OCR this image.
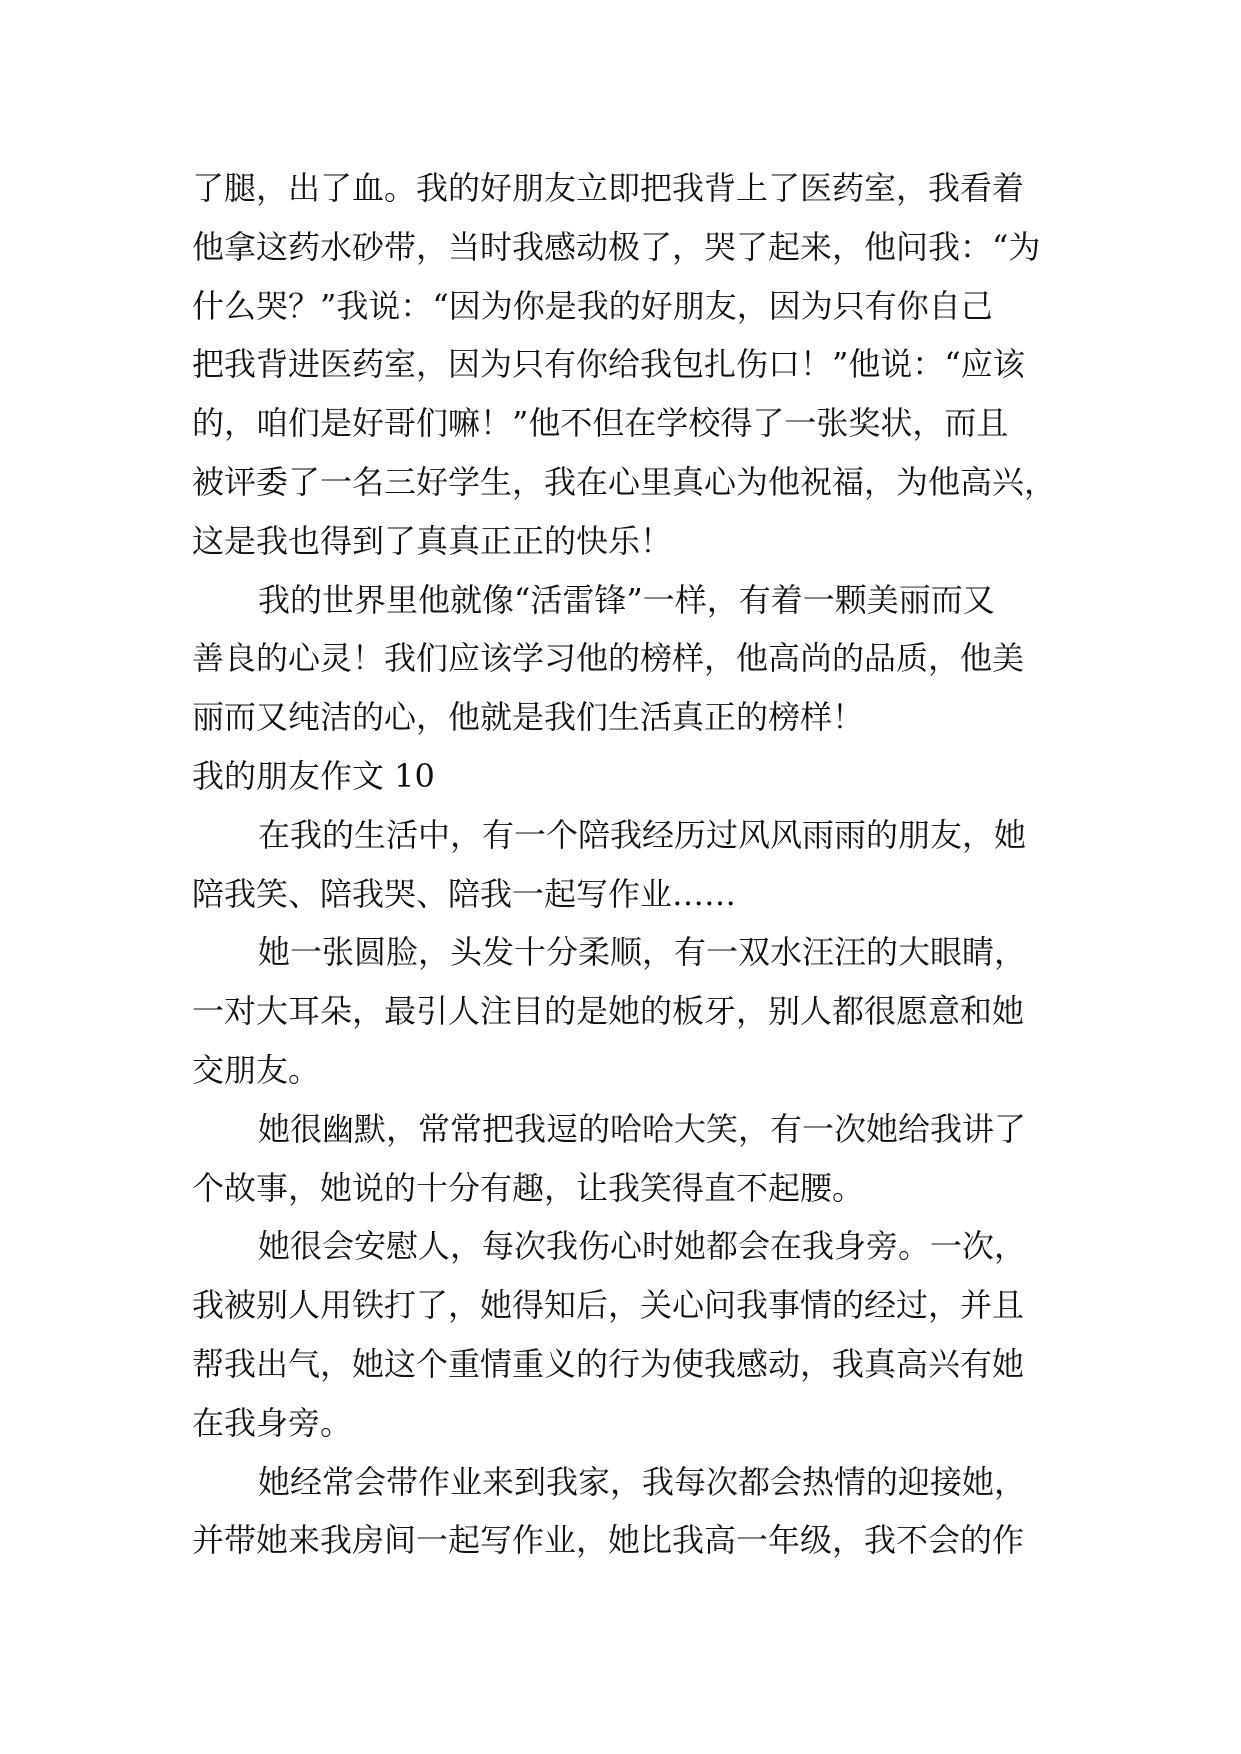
了腿，出了血。我的好朋友立即把我背上了医药室，我看着
他拿这药水砂带，当时我感动极了，哭了起来，他问我：“为
什么哭？”我说：“因为你是我的好朋友，因为只有你自己
把我背进医药室，因为只有你给我包扎伤口！”他说：“应该
的，咱们是好哥们嘛！”他不但在学校得了一张奖状，而且
被评委了一名三好学生，我在心里真心为他祝福，为他高兴，
这是我也得到了真真正正的快乐！
我的世界里他就像“活雷锋”一样，有着一颗美丽而又
善良的心灵！我们应该学习他的榜样，他高尚的品质，他美
丽而又纯洁的心，他就是我们生活真正的榜样！
我的朋友作文 10
在我的生活中，有一个陪我经历过风风雨雨的朋友，她
陪我笑、陪我哭、陪我一起写作业……
她一张圆脸，头发十分柔顺，有一双水汪汪的大眼睛，
一对大耳朵，最引人注目的是她的板牙，别人都很愿意和她
交朋友。
她很幽默，常常把我逗的哈哈大笑，有一次她给我讲了
个故事，她说的十分有趣，让我笑得直不起腰。
她很会安慰人，每次我伤心时她都会在我身旁。一次，
我被别人用铁打了，她得知后，关心问我事情的经过，并且
帮我出气，她这个重情重义的行为使我感动，我真高兴有她
在我身旁。
她经常会带作业来到我家，我每次都会热情的迎接她，
并带她来我房间一起写作业，她比我高一年级，我不会的作
